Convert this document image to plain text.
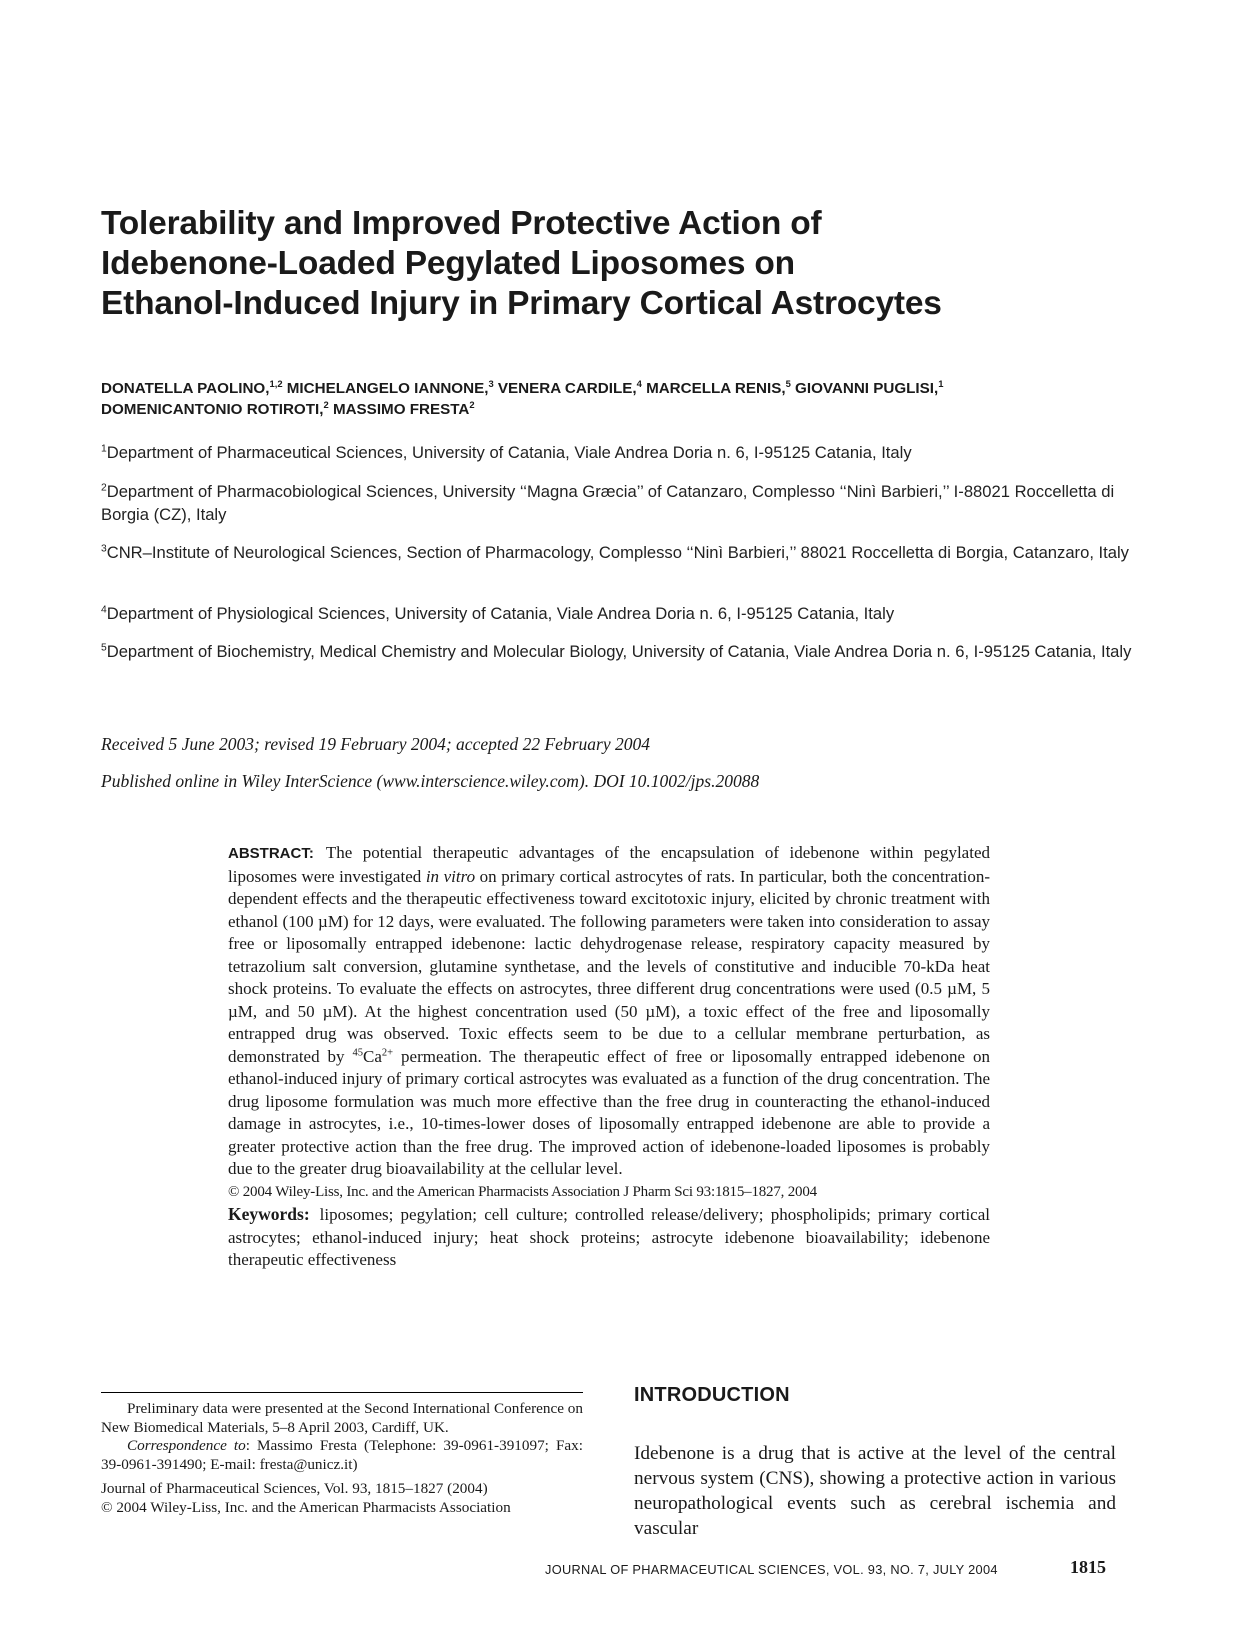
Tolerability and Improved Protective Action of
Idebenone-Loaded Pegylated Liposomes on
Ethanol-Induced Injury in Primary Cortical Astrocytes
DONATELLA PAOLINO,$^{1,2}$ MICHELANGELO IANNONE,$^3$ VENERA CARDILE,$^4$ MARCELLA RENIS,$^5$ GIOVANNI PUGLISI,$^1$
DOMENICANTONIO ROTIROTI,$^2$ MASSIMO FRESTA$^2$
$^1$Department of Pharmaceutical Sciences, University of Catania, Viale Andrea Doria n. 6, I-95125 Catania, Italy
$^2$Department of Pharmacobiological Sciences, University ‘‘Magna Græcia’’ of Catanzaro, Complesso ‘‘Ninì Barbieri,’’ I-88021 Roccelletta di Borgia (CZ), Italy
$^3$CNR–Institute of Neurological Sciences, Section of Pharmacology, Complesso ‘‘Ninì Barbieri,’’ 88021 Roccelletta di Borgia, Catanzaro, Italy
$^4$Department of Physiological Sciences, University of Catania, Viale Andrea Doria n. 6, I-95125 Catania, Italy
$^5$Department of Biochemistry, Medical Chemistry and Molecular Biology, University of Catania, Viale Andrea Doria n. 6, I-95125 Catania, Italy
Received 5 June 2003; revised 19 February 2004; accepted 22 February 2004
Published online in Wiley InterScience (www.interscience.wiley.com). DOI 10.1002/jps.20088
ABSTRACT: The potential therapeutic advantages of the encapsulation of idebenone within pegylated liposomes were investigated in vitro on primary cortical astrocytes of rats. In particular, both the concentration-dependent effects and the therapeutic effectiveness toward excitotoxic injury, elicited by chronic treatment with ethanol (100 µM) for 12 days, were evaluated. The following parameters were taken into consideration to assay free or liposomally entrapped idebenone: lactic dehydrogenase release, respiratory capacity measured by tetrazolium salt conversion, glutamine synthetase, and the levels of constitutive and inducible 70-kDa heat shock proteins. To evaluate the effects on astrocytes, three different drug concentrations were used (0.5 µM, 5 µM, and 50 µM). At the highest concentration used (50 µM), a toxic effect of the free and liposomally entrapped drug was observed. Toxic effects seem to be due to a cellular membrane perturbation, as demonstrated by $^{45}Ca^{2+}$ permeation. The therapeutic effect of free or liposomally entrapped idebenone on ethanol-induced injury of primary cortical astrocytes was evaluated as a function of the drug concentration. The drug liposome formulation was much more effective than the free drug in counteracting the ethanol-induced damage in astrocytes, i.e., 10-times-lower doses of liposomally entrapped idebenone are able to provide a greater protective action than the free drug. The improved action of idebenone-loaded liposomes is probably due to the greater drug bioavailability at the cellular level.
© 2004 Wiley-Liss, Inc. and the American Pharmacists Association J Pharm Sci 93:1815–1827, 2004
Keywords: liposomes; pegylation; cell culture; controlled release/delivery; phospholipids; primary cortical astrocytes; ethanol-induced injury; heat shock proteins; astrocyte idebenone bioavailability; idebenone therapeutic effectiveness

Preliminary data were presented at the Second International Conference on New Biomedical Materials, 5–8 April 2003, Cardiff, UK.

Correspondence to: Massimo Fresta (Telephone: 39-0961-391097; Fax: 39-0961-391490; E-mail: fresta@unicz.it)

Journal of Pharmaceutical Sciences, Vol. 93, 1815–1827 (2004)

© 2004 Wiley-Liss, Inc. and the American Pharmacists Association

INTRODUCTION
Idebenone is a drug that is active at the level of the central nervous system (CNS), showing a protective action in various neuropathological events such as cerebral ischemia and vascular
JOURNAL OF PHARMACEUTICAL SCIENCES, VOL. 93, NO. 7, JULY 2004	1815
